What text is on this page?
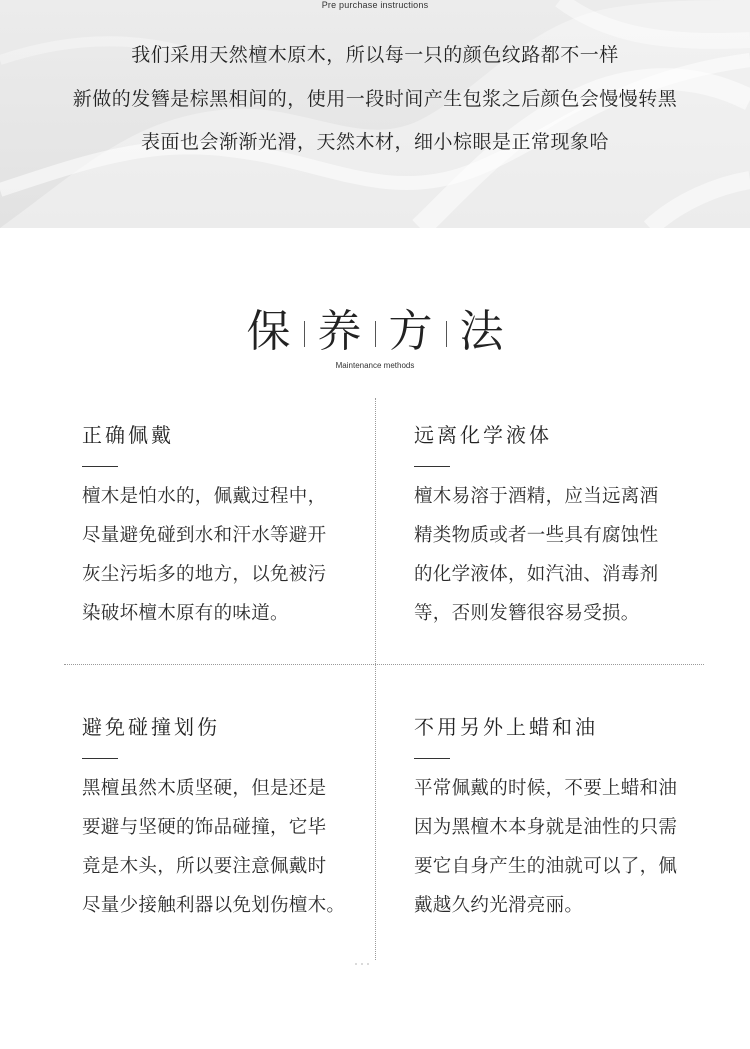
Pre purchase instructions
我们采用天然檀木原木，所以每一只的颜色纹路都不一样
新做的发簪是棕黑相间的，使用一段时间产生包浆之后颜色会慢慢转黑
表面也会渐渐光滑，天然木材，细小棕眼是正常现象哈
保 养 方 法
Maintenance methods
正确佩戴
檀木是怕水的，佩戴过程中，
尽量避免碰到水和汗水等避开
灰尘污垢多的地方，以免被污
染破坏檀木原有的味道。
远离化学液体
檀木易溶于酒精，应当远离酒
精类物质或者一些具有腐蚀性
的化学液体，如汽油、消毒剂
等，否则发簪很容易受损。
避免碰撞划伤
黑檀虽然木质坚硬，但是还是
要避与坚硬的饰品碰撞，它毕
竟是木头，所以要注意佩戴时
尽量少接触利器以免划伤檀木。
不用另外上蜡和油
平常佩戴的时候，不要上蜡和油
因为黑檀木本身就是油性的只需
要它自身产生的油就可以了，佩
戴越久约光滑亮丽。
